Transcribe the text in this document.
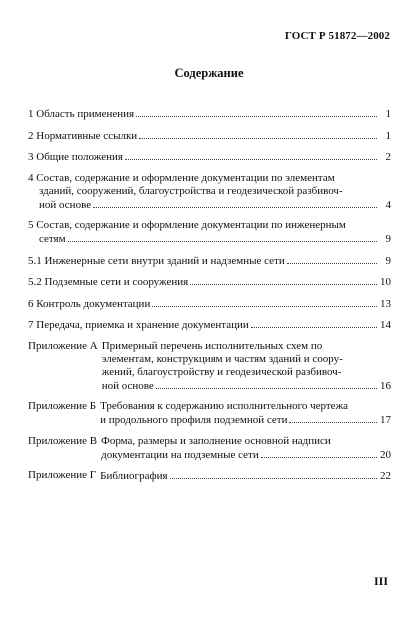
ГОСТ Р 51872—2002
Содержание
1 Область применения	1
2 Нормативные ссылки	1
3 Общие положения	2
4 Состав, содержание и оформление документации по элементам
зданий, сооружений, благоустройства и геодезической разбивоч-
ной основе	4
5 Состав, содержание и оформление документации по инженерным
сетям	9
5.1 Инженерные сети внутри зданий и надземные сети	9
5.2 Подземные сети и сооружения	10
6 Контроль документации	13
7 Передача, приемка и хранение документации	14
Приложение А Примерный перечень исполнительных схем по
элементам, конструкциям и частям зданий и соору-
жений, благоустройству и геодезической разбивоч-
ной основе	16
Приложение Б Требования к содержанию исполнительного чертежа
и продольного профиля подземной сети	17
Приложение В Форма, размеры и заполнение основной надписи
документации на подземные сети	20
Приложение Г Библиография	22
III
